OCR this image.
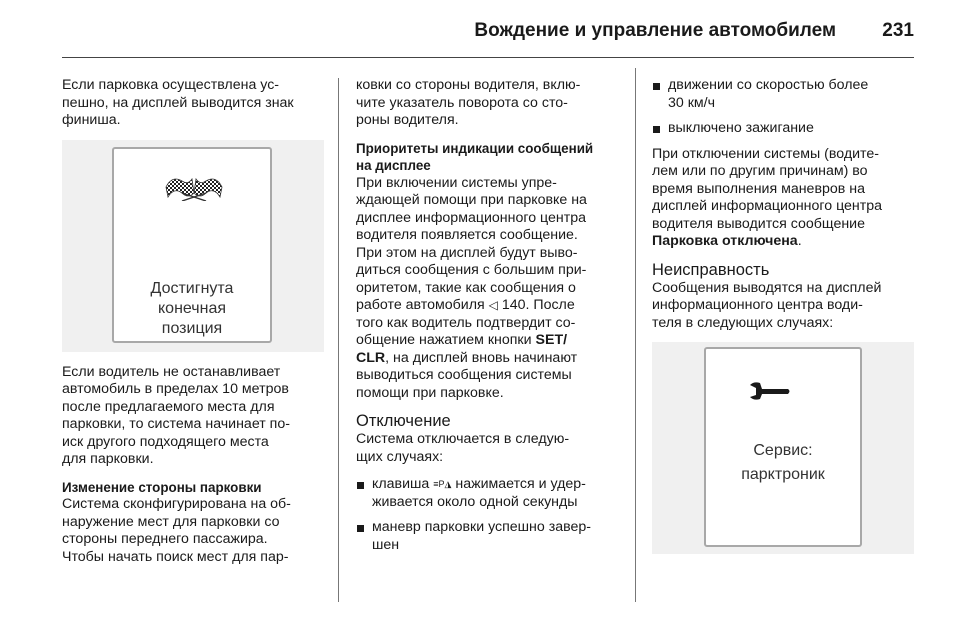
Вождение и управление автомобилем 231

Если парковка осуществлена ус-
пешно, на дисплей выводится знак
финиша.

Достигнута
конечная
позиция

Если водитель не останавливает
автомобиль в пределах 10 метров
после предлагаемого места для
парковки, то система начинает по-
иск другого подходящего места
для парковки.

Изменение стороны парковки

Система сконфигурирована на об-
наружение мест для парковки со
стороны переднего пассажира.
Чтобы начать поиск мест для пар-

ковки со стороны водителя, вклю-
чите указатель поворота со сто-
роны водителя.

Приоритеты индикации сообщений
на дисплее

При включении системы упре-
ждающей помощи при парковке на
дисплее информационного центра
водителя появляется сообщение.
При этом на дисплей будут выво-
диться сообщения с большим при-
оритетом, такие как сообщения о
работе автомобиля ◁ 140. После
того как водитель подтвердит со-
общение нажатием кнопки SET/
CLR, на дисплей вновь начинают
выводиться сообщения системы
помощи при парковке.

Отключение

Система отключается в следую-
щих случаях:

клавиша ≡P◮ нажимается и удер-
живается около одной секунды
маневр парковки успешно завер-
шен
движении со скоростью более
30 км/ч
выключено зажигание

При отключении системы (водите-
лем или по другим причинам) во
время выполнения маневров на
дисплей информационного центра
водителя выводится сообщение
Парковка отключена.

Неисправность

Сообщения выводятся на дисплей
информационного центра води-
теля в следующих случаях:

Сервис:
парктроник
